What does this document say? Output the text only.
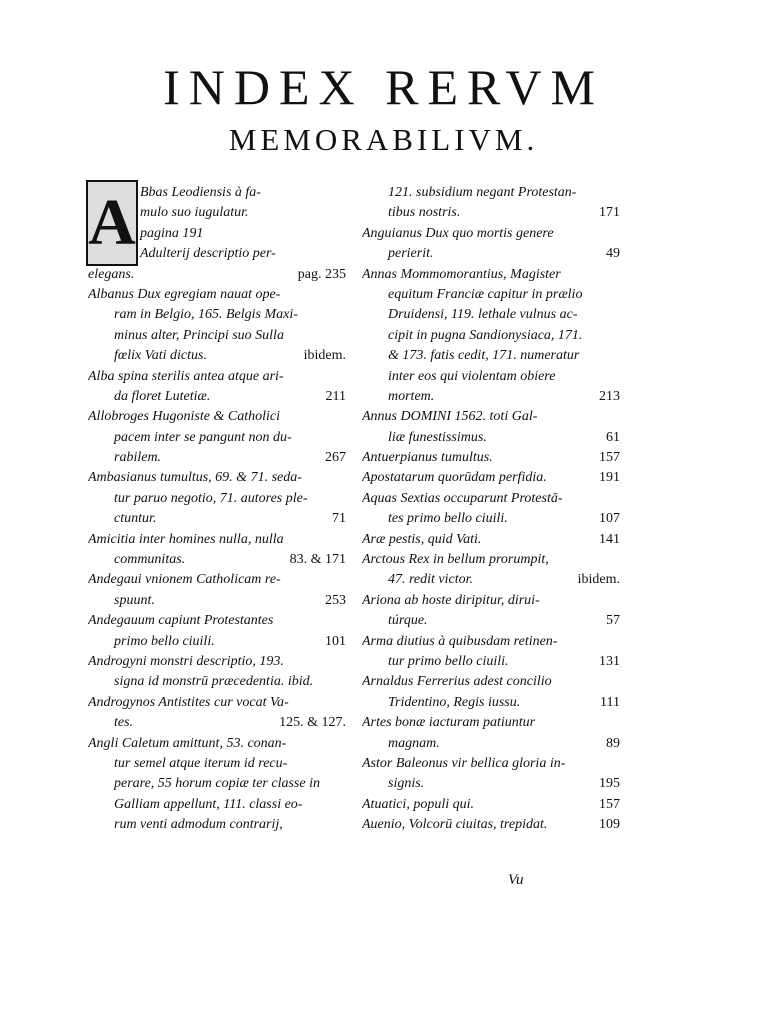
INDEX RERVM
MEMORABILIVM.
A Bbas Leodiensis à fa-
mulo suo iugulatur.
pagina 191
Adulterij descriptio per-
elegans.	pag. 235
Albanus Dux egregiam nauat ope-
ram in Belgio, 165. Belgis Maxi-
minus alter, Principi suo Sulla
fœlix Vati dictus.	ibidem.
Alba spina sterilis antea atque ari-
da floret Lutetiæ.	211
Allobroges Hugoniste & Catholici
pacem inter se pangunt non du-
rabilem.	267
Ambasianus tumultus, 69. & 71. seda-
tur paruo negotio, 71. autores ple-
ctuntur.	71
Amicitia inter homines nulla, nulla
communitas.	83. & 171
Andegaui vnionem Catholicam re-
spuunt.	253
Andegauum capiunt Protestantes
primo bello ciuili.	101
Androgyni monstri descriptio, 193.
signa id monstrū præcedentia. ibid.
Androgynos Antistites cur vocat Va-
tes.	125. & 127.
Angli Caletum amittunt, 53. conan-
tur semel atque iterum id recu-
perare, 55 horum copiæ ter classe in
Galliam appellunt, 111. classi eo-
rum venti admodum contrarij,
121. subsidium negant Protestan-
tibus nostris.	171
Anguianus Dux quo mortis genere
perierit.	49
Annas Mommomorantius, Magister
equitum Franciæ capitur in prælio
Druidensi, 119. lethale vulnus ac-
cipit in pugna Sandionysiaca, 171.
& 173. fatis cedit, 171. numeratur
inter eos qui violentam obiere
mortem.	213
Annus DOMINI 1562. toti Gal-
liæ funestissimus.	61
Antuerpianus tumultus.	157
Apostatarum quorūdam perfidia.	191
Aquas Sextias occuparunt Protestā-
tes primo bello ciuili.	107
Aræ pestis, quid Vati.	141
Arctous Rex in bellum prorumpit,
47. redit victor.	ibidem.
Ariona ab hoste diripitur, dirui-
túrque.	57
Arma diutius à quibusdam retinen-
tur primo bello ciuili.	131
Arnaldus Ferrerius adest concilio
Tridentino, Regis iussu.	111
Artes bonæ iacturam patiuntur
magnam.	89
Astor Baleonus vir bellica gloria in-
signis.	195
Atuatici, populi qui.	157
Auenio, Volcorū ciuitas, trepidat.	109
Vu
